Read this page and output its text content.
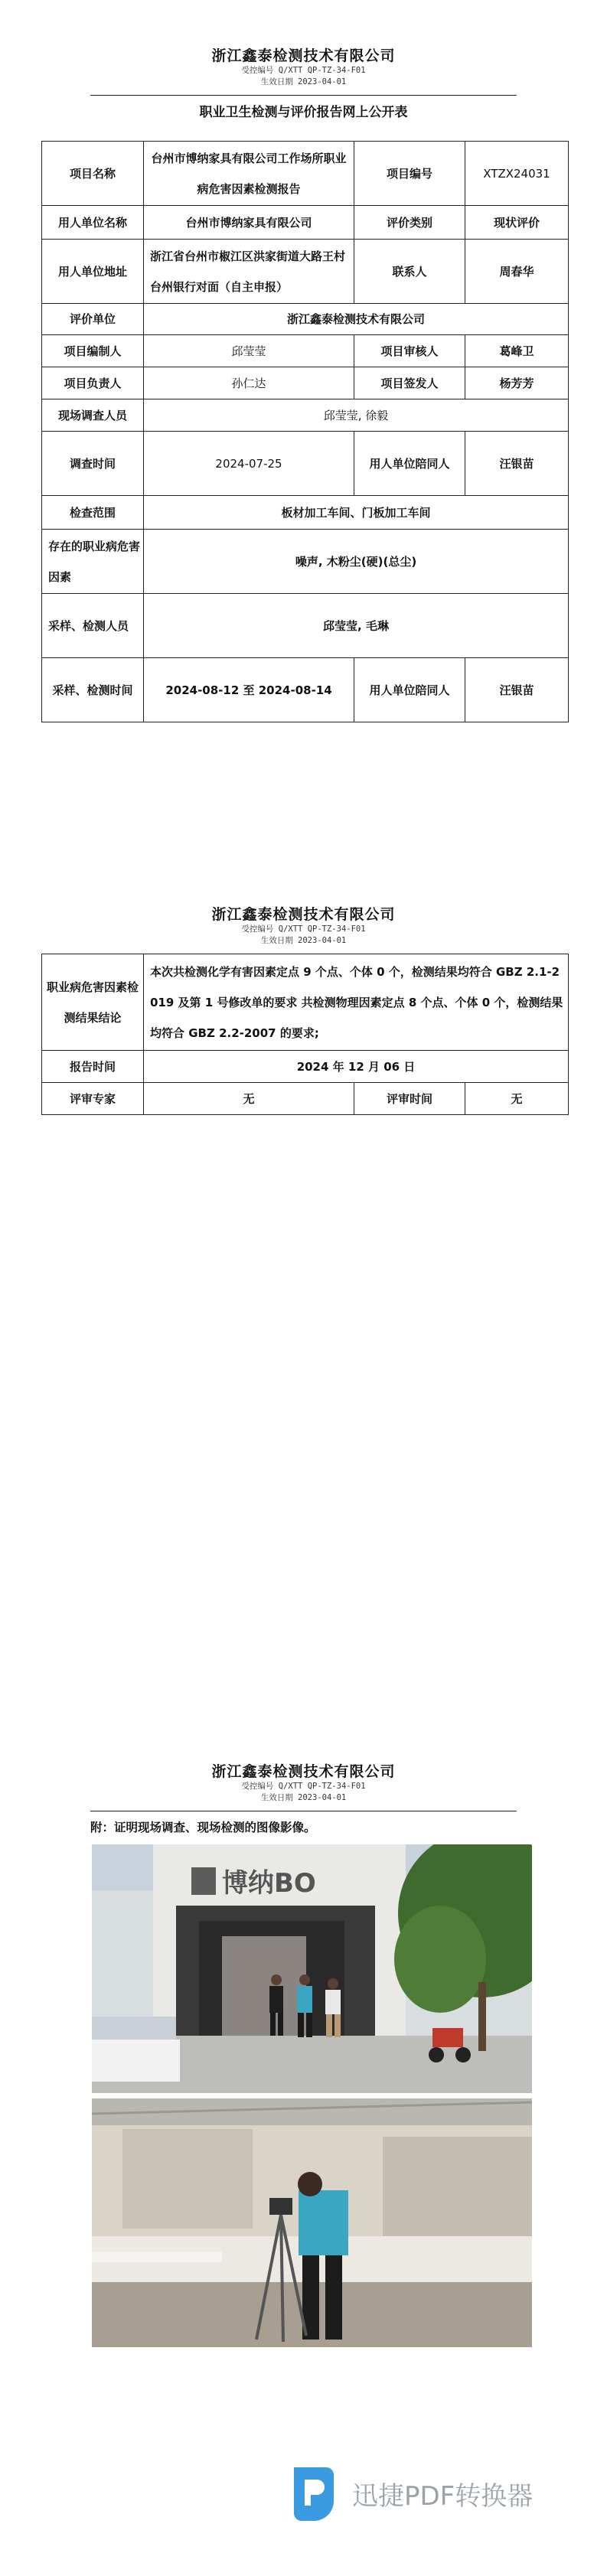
浙江鑫泰检测技术有限公司
受控编号 Q/XTT QP-TZ-34-F01
生效日期 2023-04-01
职业卫生检测与评价报告网上公开表
项目名称	台州市博纳家具有限公司工作场所职业病危害因素检测报告	项目编号	XTZX24031
用人单位名称	台州市博纳家具有限公司	评价类别	现状评价
用人单位地址	浙江省台州市椒江区洪家街道大路王村台州银行对面（自主申报）	联系人	周春华
评价单位	浙江鑫泰检测技术有限公司		
项目编制人	邱莹莹	项目审核人	葛峰卫
项目负责人	孙仁达	项目签发人	杨芳芳
现场调查人员	邱莹莹, 徐毅		
调查时间	2024-07-25	用人单位陪同人	汪银苗
检查范围	板材加工车间、门板加工车间		
存在的职业病危害因素	噪声, 木粉尘(硬)(总尘)		
采样、检测人员	邱莹莹, 毛琳		
采样、检测时间	2024-08-12 至 2024-08-14	用人单位陪同人	汪银苗
浙江鑫泰检测技术有限公司
受控编号 Q/XTT QP-TZ-34-F01
生效日期 2023-04-01
职业病危害因素检测结果结论	本次共检测化学有害因素定点 9 个点、个体 0 个，检测结果均符合 GBZ 2.1-2019 及第 1 号修改单的要求 共检测物理因素定点 8 个点、个体 0 个，检测结果均符合 GBZ 2.2-2007 的要求;		
报告时间	2024 年 12 月 06 日		
评审专家	无	评审时间	无
浙江鑫泰检测技术有限公司
受控编号 Q/XTT QP-TZ-34-F01
生效日期 2023-04-01
附：证明现场调查、现场检测的图像影像。
博纳BO
迅捷PDF转换器
